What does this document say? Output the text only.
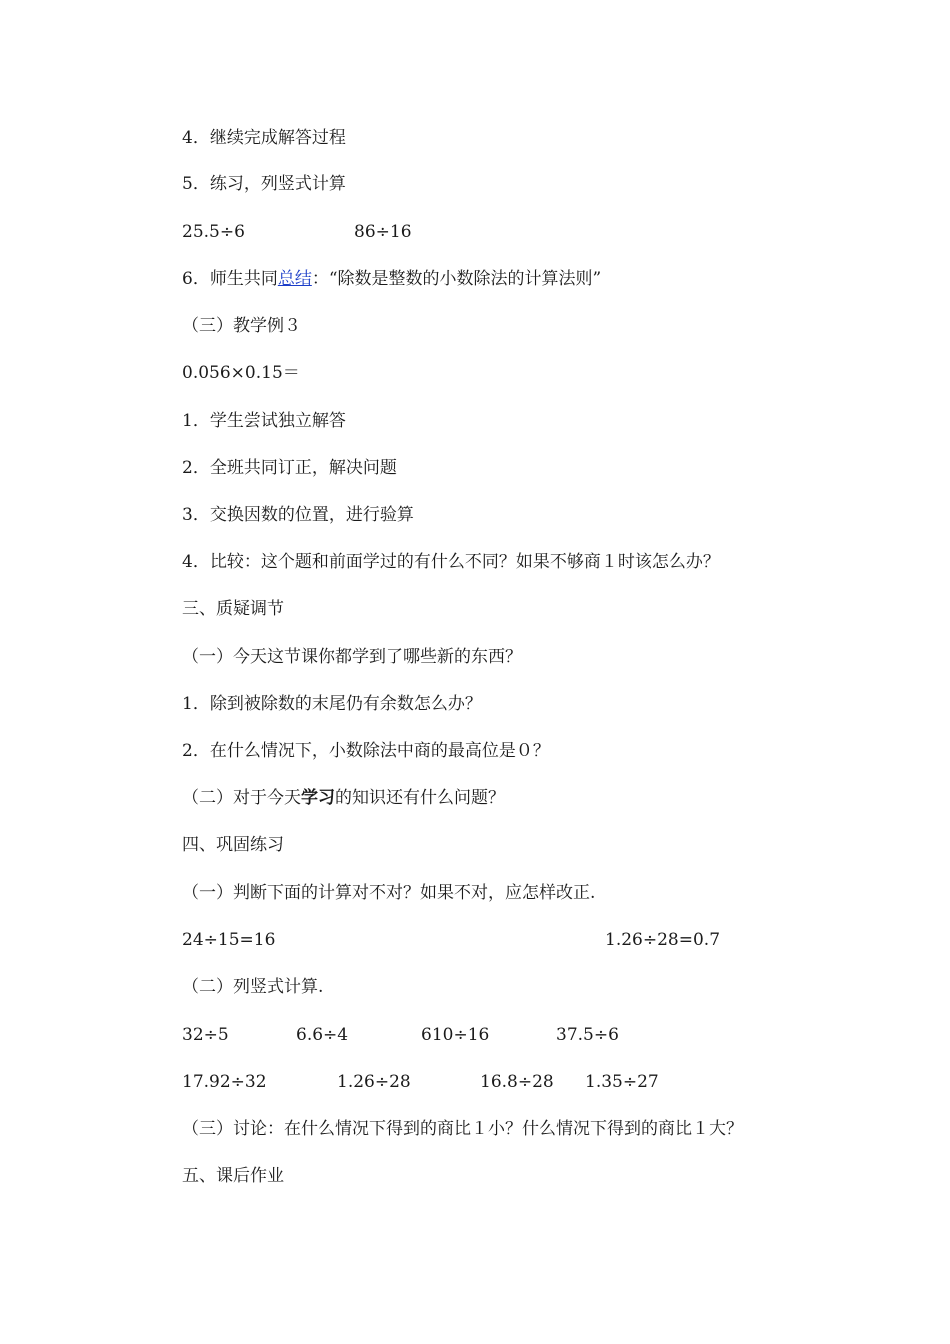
4．继续完成解答过程
5．练习，列竖式计算
25.5÷6	86÷16
6．师生共同总结：“除数是整数的小数除法的计算法则”
（三）教学例３
0.056×0.15＝
1．学生尝试独立解答
2．全班共同订正，解决问题
3．交换因数的位置，进行验算
4．比较：这个题和前面学过的有什么不同？如果不够商１时该怎么办？
三、质疑调节
（一）今天这节课你都学到了哪些新的东西？
1．除到被除数的末尾仍有余数怎么办？
2．在什么情况下，小数除法中商的最高位是０？
（二）对于今天学习的知识还有什么问题？
四、巩固练习
（一）判断下面的计算对不对？如果不对，应怎样改正.
24÷15=16	1.26÷28=0.7
（二）列竖式计算.
32÷5	6.6÷4	610÷16	37.5÷6
17.92÷32	1.26÷28	16.8÷28 1.35÷27
（三）讨论：在什么情况下得到的商比１小？什么情况下得到的商比１大？
五、课后作业
